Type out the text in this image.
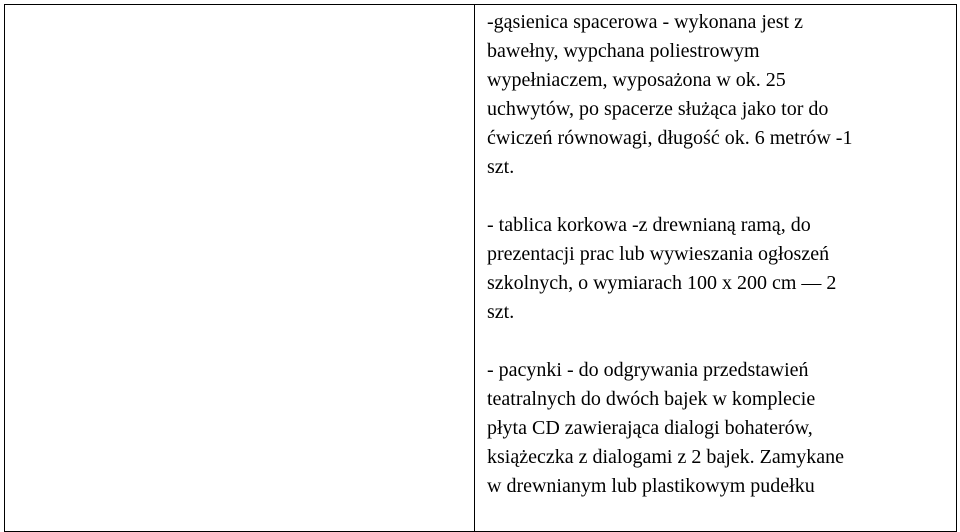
-gąsienica spacerowa - wykonana jest z
bawełny, wypchana poliestrowym
wypełniaczem, wyposażona w ok. 25
uchwytów, po spacerze służąca jako tor do
ćwiczeń równowagi, długość ok. 6 metrów -1
szt.

- tablica korkowa -z drewnianą ramą, do
prezentacji prac lub wywieszania ogłoszeń
szkolnych, o wymiarach 100 x 200 cm — 2
szt.

- pacynki - do odgrywania przedstawień
teatralnych do dwóch bajek w komplecie
płyta CD zawierająca dialogi bohaterów,
książeczka z dialogami z 2 bajek. Zamykane
w drewnianym lub plastikowym pudełku
